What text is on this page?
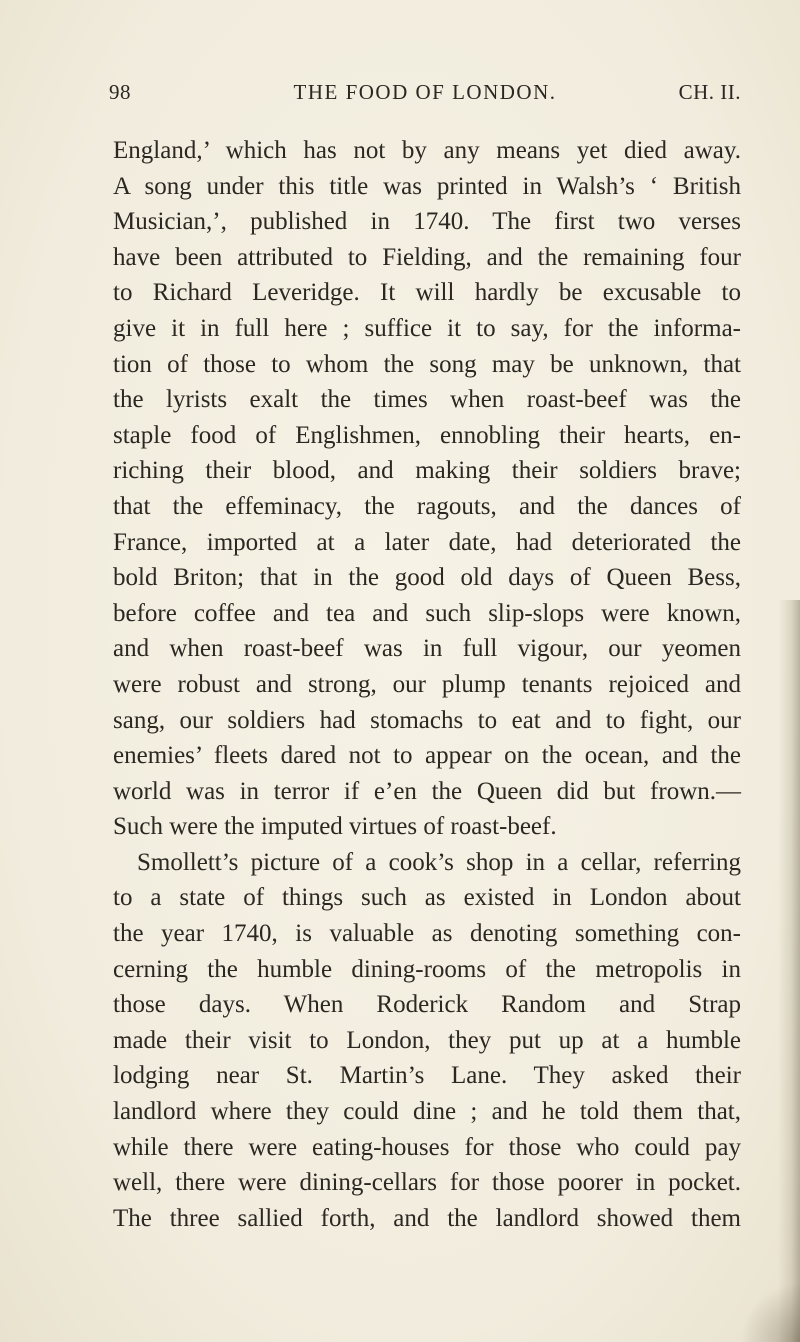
98	THE FOOD OF LONDON.	CH. II.
England,’ which has not by any means yet died away.
A song under this title was printed in Walsh’s ‘ British
Musician,’, published in 1740. The first two verses
have been attributed to Fielding, and the remaining four
to Richard Leveridge. It will hardly be excusable to
give it in full here ; suffice it to say, for the informa-
tion of those to whom the song may be unknown, that
the lyrists exalt the times when roast-beef was the
staple food of Englishmen, ennobling their hearts, en-
riching their blood, and making their soldiers brave;
that the effeminacy, the ragouts, and the dances of
France, imported at a later date, had deteriorated the
bold Briton; that in the good old days of Queen Bess,
before coffee and tea and such slip-slops were known,
and when roast-beef was in full vigour, our yeomen
were robust and strong, our plump tenants rejoiced and
sang, our soldiers had stomachs to eat and to fight, our
enemies’ fleets dared not to appear on the ocean, and the
world was in terror if e’en the Queen did but frown.—
Such were the imputed virtues of roast-beef.
Smollett’s picture of a cook’s shop in a cellar, referring
to a state of things such as existed in London about
the year 1740, is valuable as denoting something con-
cerning the humble dining-rooms of the metropolis in
those days. When Roderick Random and Strap
made their visit to London, they put up at a humble
lodging near St. Martin’s Lane. They asked their
landlord where they could dine ; and he told them that,
while there were eating-houses for those who could pay
well, there were dining-cellars for those poorer in pocket.
The three sallied forth, and the landlord showed them
